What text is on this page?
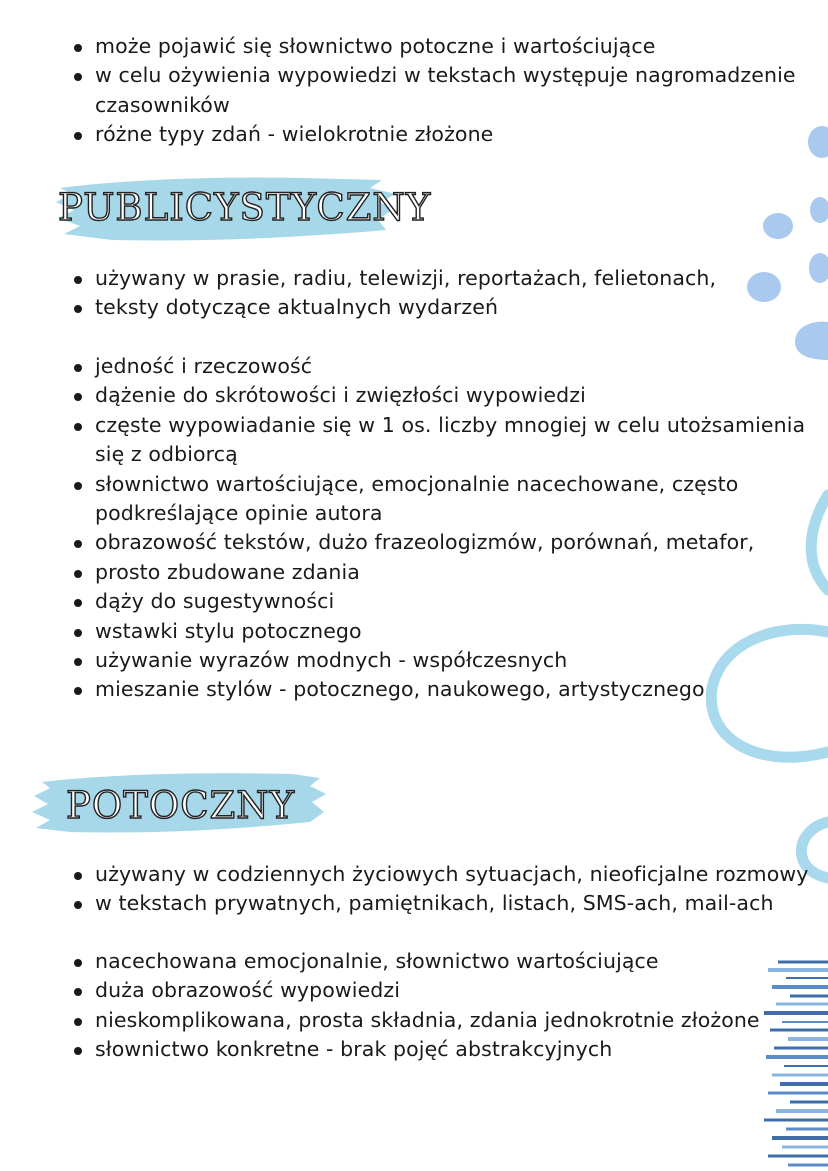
może pojawić się słownictwo potoczne i wartościujące
w celu ożywienia wypowiedzi w tekstach występuje nagromadzenie czasowników
różne typy zdań - wielokrotnie złożone
PUBLICYSTYCZNY
używany w prasie, radiu, telewizji, reportażach, felietonach,
teksty dotyczące aktualnych wydarzeń
jedność i rzeczowość
dążenie do skrótowości i zwięzłości wypowiedzi
częste wypowiadanie się w 1 os. liczby mnogiej w celu utożsamienia się z odbiorcą
słownictwo wartościujące, emocjonalnie nacechowane, często podkreślające opinie autora
obrazowość tekstów, dużo frazeologizmów, porównań, metafor,
prosto zbudowane zdania
dąży do sugestywności
wstawki stylu potocznego
używanie wyrazów modnych - współczesnych
mieszanie stylów - potocznego, naukowego, artystycznego
POTOCZNY
używany w codziennych życiowych sytuacjach, nieoficjalne rozmowy
w tekstach prywatnych, pamiętnikach, listach, SMS-ach, mail-ach
nacechowana emocjonalnie, słownictwo wartościujące
duża obrazowość wypowiedzi
nieskomplikowana, prosta składnia, zdania jednokrotnie złożone
słownictwo konkretne - brak pojęć abstrakcyjnych
